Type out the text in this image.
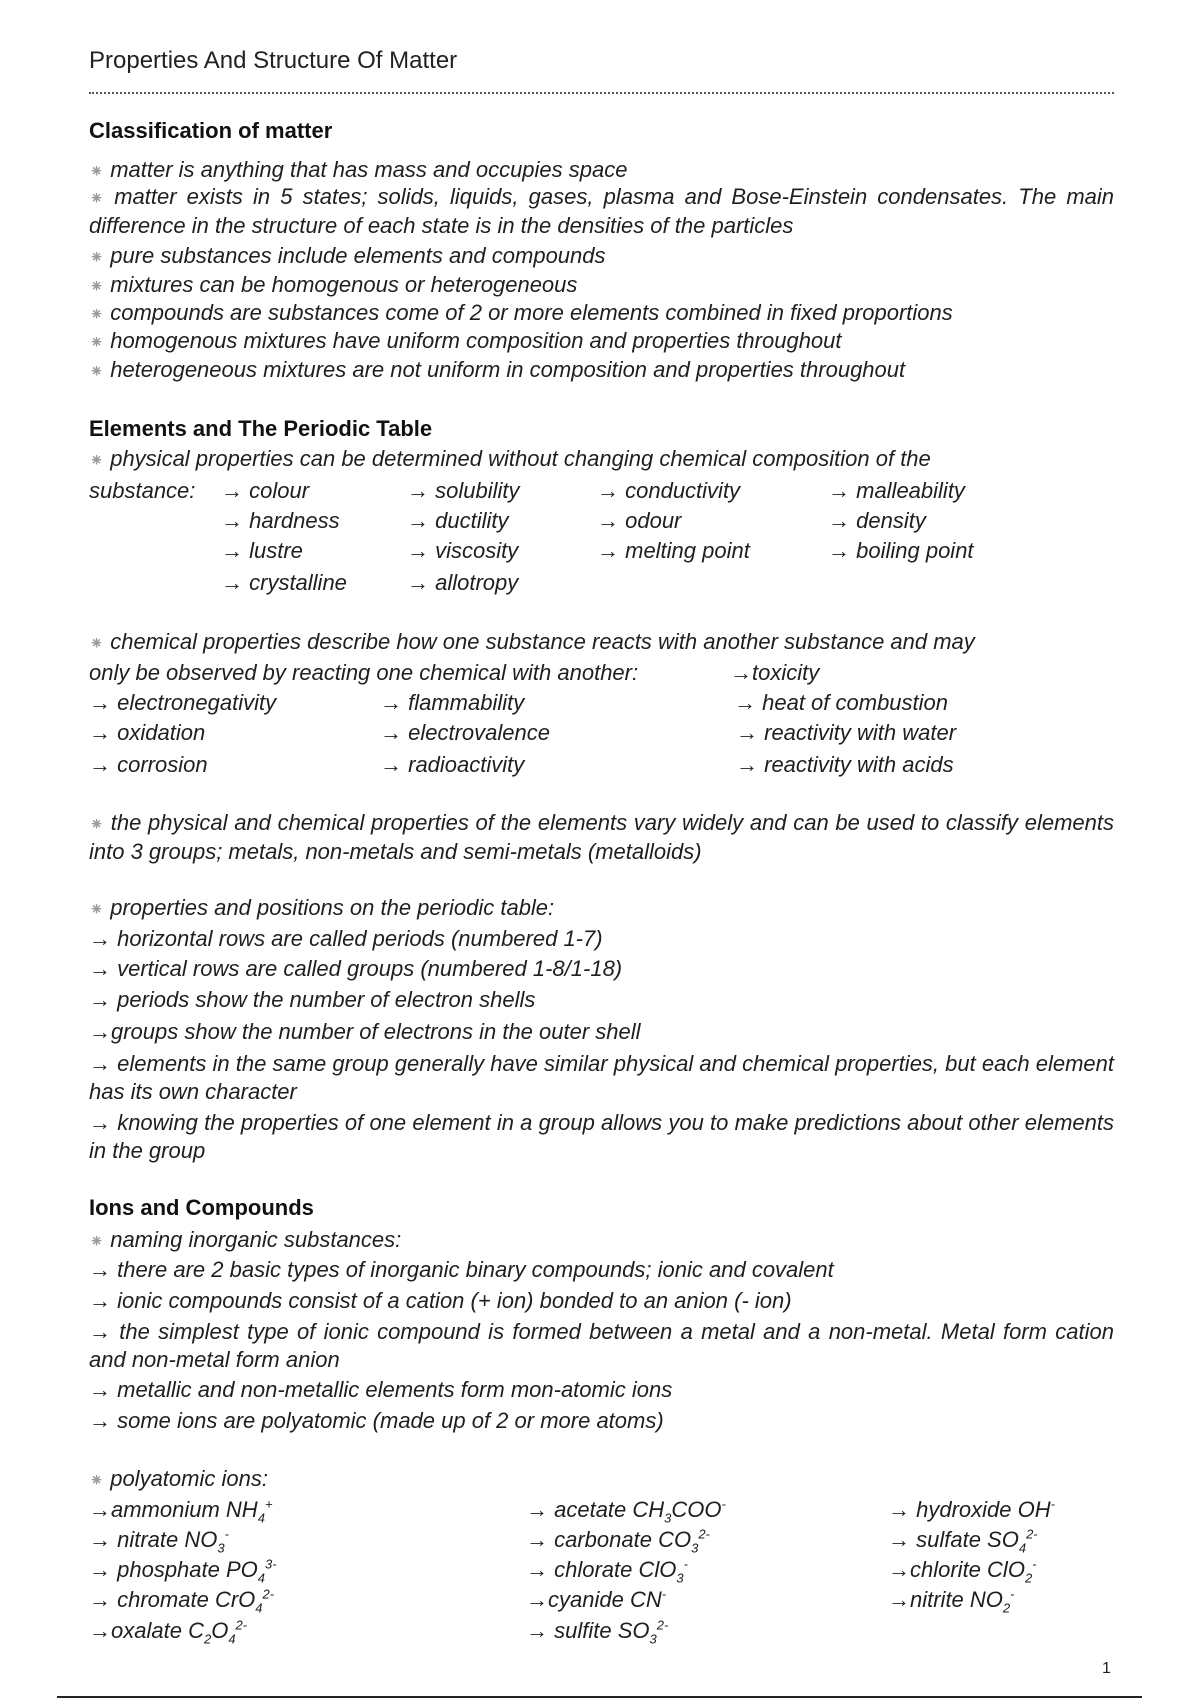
Properties And Structure Of Matter
Classification of matter
⁕ matter is anything that has mass and occupies space
⁕ matter exists in 5 states; solids, liquids, gases, plasma and Bose-Einstein condensates. The main difference in the structure of each state is in the densities of the particles
⁕ pure substances include elements and compounds
⁕ mixtures can be homogenous or heterogeneous
⁕ compounds are substances come of 2 or more elements combined in fixed proportions
⁕ homogenous mixtures have uniform composition and properties throughout
⁕ heterogeneous mixtures are not uniform in composition and properties throughout
Elements and The Periodic Table
⁕ physical properties can be determined without changing chemical composition of the
substance: → colour	→ solubility	→ conductivity	→ malleability
→ hardness	→ ductility	→ odour	→ density
→ lustre	→ viscosity	→ melting point	→ boiling point
→ crystalline	→ allotropy
⁕ chemical properties describe how one substance reacts with another substance and may
only be observed by reacting one chemical with another:	→toxicity
→ electronegativity	→ flammability	→ heat of combustion
→ oxidation	→ electrovalence	→ reactivity with water
→ corrosion	→ radioactivity	→ reactivity with acids
⁕ the physical and chemical properties of the elements vary widely and can be used to classify elements into 3 groups; metals, non-metals and semi-metals (metalloids)
⁕ properties and positions on the periodic table:
→ horizontal rows are called periods (numbered 1-7)
→ vertical rows are called groups (numbered 1-8/1-18)
→ periods show the number of electron shells
→groups show the number of electrons in the outer shell
→ elements in the same group generally have similar physical and chemical properties, but each element has its own character
→ knowing the properties of one element in a group allows you to make predictions about other elements in the group
Ions and Compounds
⁕ naming inorganic substances:
→ there are 2 basic types of inorganic binary compounds; ionic and covalent
→ ionic compounds consist of a cation (+ ion) bonded to an anion (- ion)
→ the simplest type of ionic compound is formed between a metal and a non-metal. Metal form cation and non-metal form anion
→ metallic and non-metallic elements form mon-atomic ions
→ some ions are polyatomic (made up of 2 or more atoms)
⁕ polyatomic ions:
→ammonium $NH_4^+$	→ acetate $CH_3COO^-$	→ hydroxide OH-
→ nitrate $NO_3^-$	→ carbonate $CO_3^{2-}$	→ sulfate $SO_4^{2-}$
→ phosphate $PO_4^{3-}$	→ chlorate ClO$_3$-	→chlorite ClO$_2$-
→ chromate CrO$_4^{2-}$	→cyanide CN-	→nitrite $NO_2^-$
→oxalate $C_2O_4^{2-}$	→ sulfite $SO_3^{2-}$
1
